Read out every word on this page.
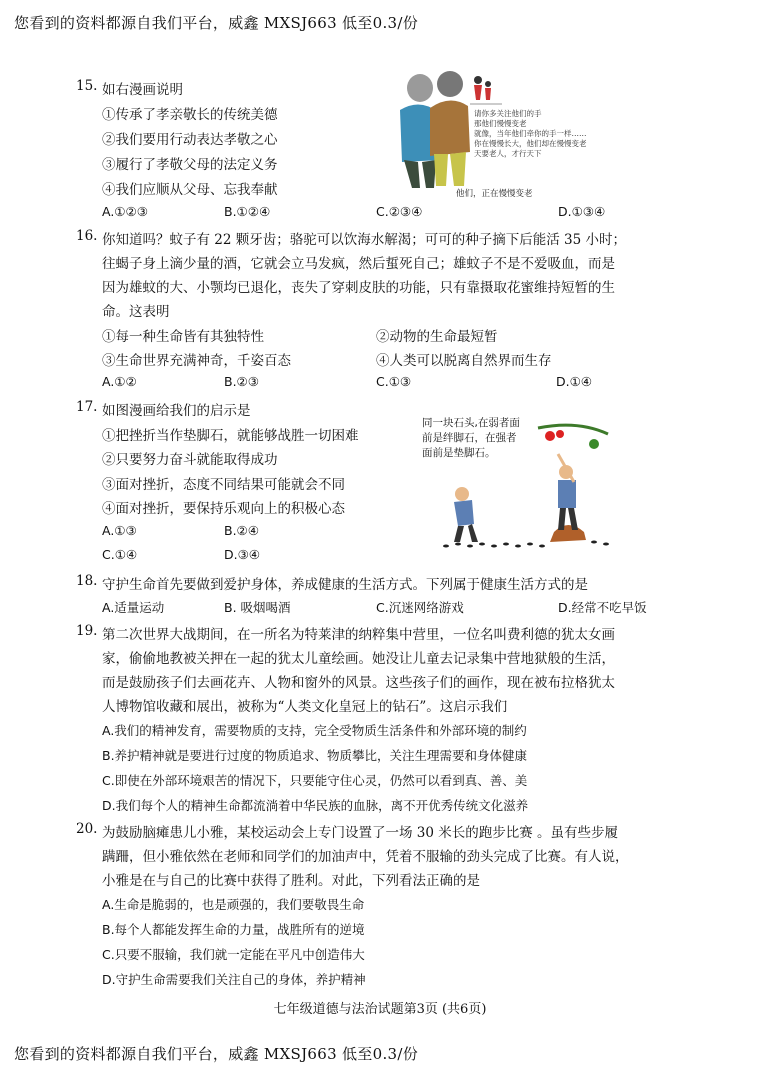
您看到的资料都源自我们平台，威鑫 MXSJ663 低至0.3/份
15. 如右漫画说明
①传承了孝亲敬长的传统美德
②我们要用行动表达孝敬之心
③履行了孝敬父母的法定义务
④我们应顺从父母、忘我奉献
A.①②③	B.①②④	C.②③④	D.①③④
请你多关注他们的手
那他们慢慢变老
就像，当年他们牵你的手一样……
你在慢慢长大，他们却在慢慢变老
天要老人，才行天下
他们，正在慢慢变老
16. 你知道吗？蚊子有 22 颗牙齿；骆驼可以饮海水解渴；可可的种子摘下后能活 35 小时；
往蝎子身上滴少量的酒，它就会立马发疯，然后蜇死自己；雄蚊子不是不爱吸血，而是
因为雄蚊的大、小颚均已退化，丧失了穿刺皮肤的功能，只有靠摄取花蜜维持短暂的生
命。这表明
①每一种生命皆有其独特性	②动物的生命最短暂
③生命世界充满神奇，千姿百态	④人类可以脱离自然界而生存
A.①②	B.②③	C.①③	D.①④
17. 如图漫画给我们的启示是
①把挫折当作垫脚石，就能够战胜一切困难
②只要努力奋斗就能取得成功
③面对挫折，态度不同结果可能就会不同
④面对挫折，要保持乐观向上的积极心态
A.①③	B.②④
C.①④	D.③④
同一块石头,在弱者面
前是绊脚石，在强者
面前是垫脚石。
18. 守护生命首先要做到爱护身体，养成健康的生活方式。下列属于健康生活方式的是
A.适量运动	B. 吸烟喝酒	C.沉迷网络游戏	D.经常不吃早饭
19. 第二次世界大战期间，在一所名为特莱津的纳粹集中营里，一位名叫费利德的犹太女画
家，偷偷地教被关押在一起的犹太儿童绘画。她没让儿童去记录集中营地狱般的生活，
而是鼓励孩子们去画花卉、人物和窗外的风景。这些孩子们的画作，现在被布拉格犹太
人博物馆收藏和展出，被称为“人类文化皇冠上的钻石”。这启示我们
A.我们的精神发育，需要物质的支持，完全受物质生活条件和外部环境的制约
B.养护精神就是要进行过度的物质追求、物质攀比，关注生理需要和身体健康
C.即使在外部环境艰苦的情况下，只要能守住心灵，仍然可以看到真、善、美
D.我们每个人的精神生命都流淌着中华民族的血脉，离不开优秀传统文化滋养
20. 为鼓励脑瘫患儿小雅，某校运动会上专门设置了一场 30 米长的跑步比赛 。虽有些步履
蹒跚，但小雅依然在老师和同学们的加油声中，凭着不服输的劲头完成了比赛。有人说，
小雅是在与自己的比赛中获得了胜利。对此，下列看法正确的是
A.生命是脆弱的，也是顽强的，我们要敬畏生命
B.每个人都能发挥生命的力量，战胜所有的逆境
C.只要不服输，我们就一定能在平凡中创造伟大
D.守护生命需要我们关注自己的身体，养护精神
七年级道德与法治试题第3页 (共6页)
您看到的资料都源自我们平台，威鑫 MXSJ663 低至0.3/份
